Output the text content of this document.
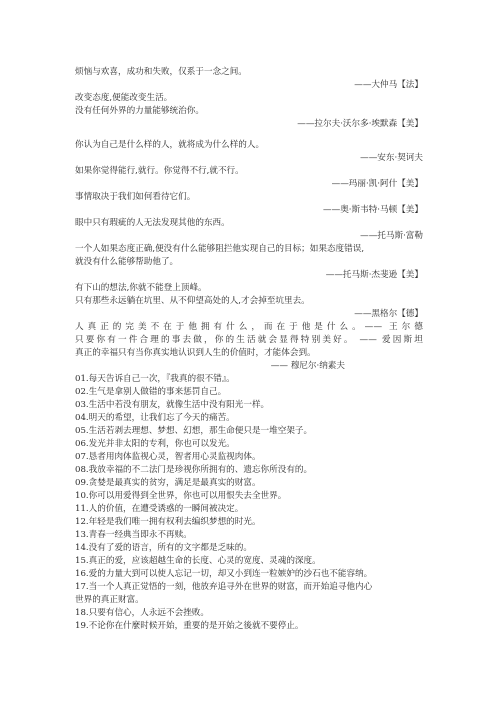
烦恼与欢喜，成功和失败，仅系于一念之间。
——大仲马【法】
改变态度,便能改变生活。
没有任何外界的力量能够统治你。
——拉尔夫·沃尔多·埃默森【美】
你认为自己是什么样的人，就将成为什么样的人。
——安东·契诃夫
如果你觉得能行,就行。你觉得不行,就不行。
——玛丽·凯·阿什【美】
事情取决于我们如何看待它们。
——奥·斯韦特·马顿【美】
眼中只有瑕疵的人无法发现其他的东西。
——托马斯·富勒
一个人如果态度正确,便没有什么能够阻拦他实现自己的目标；如果态度错误,
就没有什么能够帮助他了。
——托马斯·杰斐逊【美】
有下山的想法,你就不能登上顶峰。
只有那些永远躺在坑里、从不仰望高处的人,才会掉至坑里去。
——黑格尔【德】
人真正的完美不在于他拥有什么，而在于他是什么。—— 王尔德
只要你有一件合理的事去做，你的生活就会显得特别美好。 —— 爱因斯坦
真正的幸福只有当你真实地认识到人生的价值时，才能体会到。
—— 穆尼尔·纳素夫
01.每天告诉自己一次，『我真的很不错』。
02.生气是拿别人做错的事来惩罚自己。
03.生活中若没有朋友，就像生活中没有阳光一样。
04.明天的希望，让我们忘了今天的痛苦。
05.生活若剥去理想、梦想、幻想，那生命便只是一堆空架子。
06.发光并非太阳的专利，你也可以发光。
07.恳者用肉体监视心灵，智者用心灵监视肉体。
08.我放幸福的不二法门是珍视你所拥有的、遗忘你所没有的。
09.贪婪是最真实的贫穷，满足是最真实的财富。
10.你可以用爱得到全世界，你也可以用恨失去全世界。
11.人的价值，在遭受诱惑的一瞬间被决定。
12.年轻是我们唯一拥有权利去编织梦想的时光。
13.青春一经典当即永不再赎。
14.没有了爱的语言，所有的文字都是乏味的。
15.真正的爱，应该超越生命的长度、心灵的宽度、灵魂的深度。
16.爱的力量大到可以使人忘记一切，却又小到连一粒嫉妒的沙石也不能容纳。
17.当一个人真正觉悟的一刻，他放弃追寻外在世界的财富，而开始追寻他内心
世界的真正财富。
18.只要有信心，人永远不会挫败。
19.不论你在什麼时候开始，重要的是开始之後就不要停止。
